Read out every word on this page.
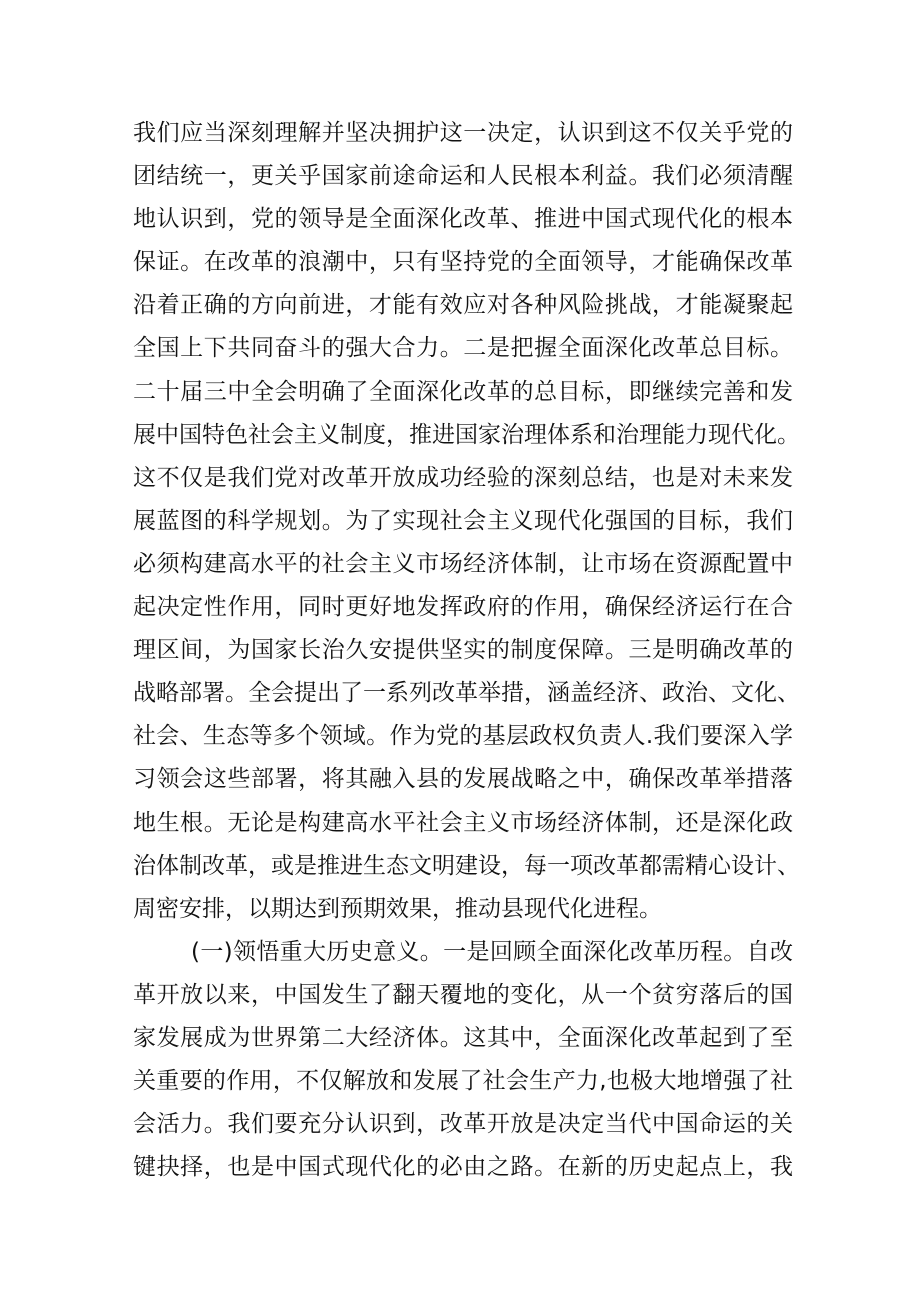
我们应当深刻理解并坚决拥护这一决定，认识到这不仅关乎党的
团结统一，更关乎国家前途命运和人民根本利益。我们必须清醒
地认识到，党的领导是全面深化改革、推进中国式现代化的根本
保证。在改革的浪潮中，只有坚持党的全面领导，才能确保改革
沿着正确的方向前进，才能有效应对各种风险挑战，才能凝聚起
全国上下共同奋斗的强大合力。二是把握全面深化改革总目标。
二十届三中全会明确了全面深化改革的总目标，即继续完善和发
展中国特色社会主义制度，推进国家治理体系和治理能力现代化。
这不仅是我们党对改革开放成功经验的深刻总结，也是对未来发
展蓝图的科学规划。为了实现社会主义现代化强国的目标，我们
必须构建高水平的社会主义市场经济体制，让市场在资源配置中
起决定性作用，同时更好地发挥政府的作用，确保经济运行在合
理区间，为国家长治久安提供坚实的制度保障。三是明确改革的
战略部署。全会提出了一系列改革举措，涵盖经济、政治、文化、
社会、生态等多个领域。作为党的基层政权负责人.我们要深入学
习领会这些部署，将其融入县的发展战略之中，确保改革举措落
地生根。无论是构建高水平社会主义市场经济体制，还是深化政
治体制改革，或是推进生态文明建设，每一项改革都需精心设计、
周密安排，以期达到预期效果，推动县现代化进程。
(一)领悟重大历史意义。一是回顾全面深化改革历程。自改
革开放以来，中国发生了翻天覆地的变化，从一个贫穷落后的国
家发展成为世界第二大经济体。这其中，全面深化改革起到了至
关重要的作用，不仅解放和发展了社会生产力,也极大地增强了社
会活力。我们要充分认识到，改革开放是决定当代中国命运的关
键抉择，也是中国式现代化的必由之路。在新的历史起点上，我
